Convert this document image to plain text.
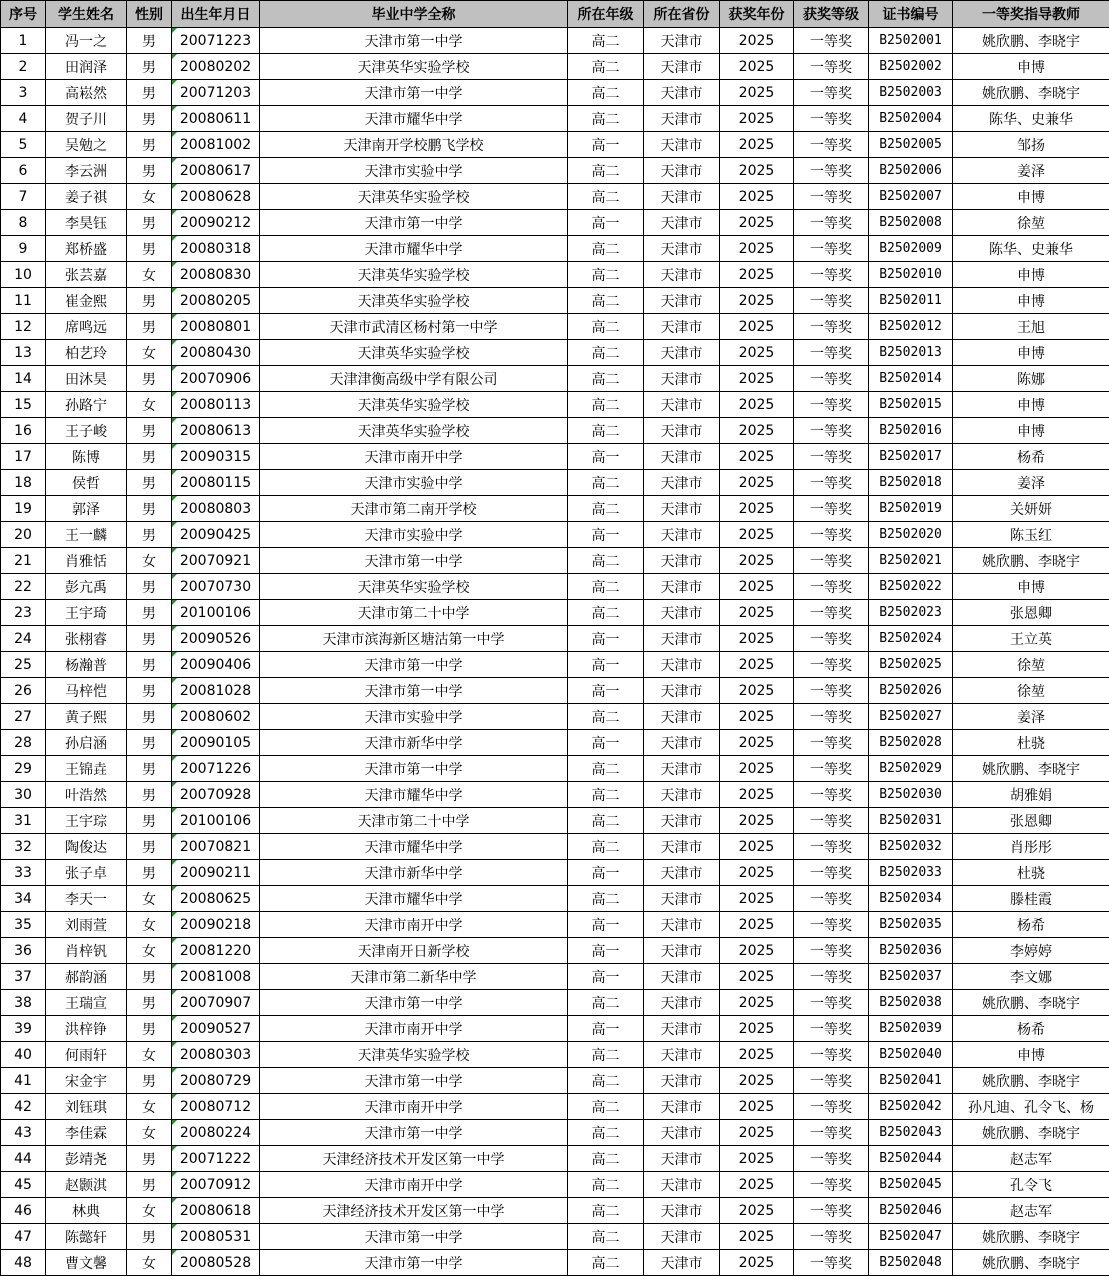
序号	学生姓名	性别	出生年月日	毕业中学全称	所在年级	所在省份	获奖年份	获奖等级	证书编号	一等奖指导教师
1	冯一之	男	20071223	天津市第一中学	高二	天津市	2025	一等奖	B2502001	姚欣鹏、李晓宇
2	田润泽	男	20080202	天津英华实验学校	高二	天津市	2025	一等奖	B2502002	申博
3	高崧然	男	20071203	天津市第一中学	高二	天津市	2025	一等奖	B2502003	姚欣鹏、李晓宇
4	贺子川	男	20080611	天津市耀华中学	高二	天津市	2025	一等奖	B2502004	陈华、史兼华
5	吴勉之	男	20081002	天津南开学校鹏飞学校	高一	天津市	2025	一等奖	B2502005	邹扬
6	李云洲	男	20080617	天津市实验中学	高二	天津市	2025	一等奖	B2502006	姜泽
7	姜子祺	女	20080628	天津英华实验学校	高二	天津市	2025	一等奖	B2502007	申博
8	李昊钰	男	20090212	天津市第一中学	高一	天津市	2025	一等奖	B2502008	徐堃
9	郑桥盛	男	20080318	天津市耀华中学	高二	天津市	2025	一等奖	B2502009	陈华、史兼华
10	张芸嘉	女	20080830	天津英华实验学校	高二	天津市	2025	一等奖	B2502010	申博
11	崔金熙	男	20080205	天津英华实验学校	高二	天津市	2025	一等奖	B2502011	申博
12	席鸣远	男	20080801	天津市武清区杨村第一中学	高二	天津市	2025	一等奖	B2502012	王旭
13	柏艺玲	女	20080430	天津英华实验学校	高二	天津市	2025	一等奖	B2502013	申博
14	田沐昊	男	20070906	天津津衡高级中学有限公司	高二	天津市	2025	一等奖	B2502014	陈娜
15	孙路宁	女	20080113	天津英华实验学校	高二	天津市	2025	一等奖	B2502015	申博
16	王子峻	男	20080613	天津英华实验学校	高二	天津市	2025	一等奖	B2502016	申博
17	陈博	男	20090315	天津市南开中学	高一	天津市	2025	一等奖	B2502017	杨希
18	侯哲	男	20080115	天津市实验中学	高二	天津市	2025	一等奖	B2502018	姜泽
19	郭泽	男	20080803	天津市第二南开学校	高二	天津市	2025	一等奖	B2502019	关妍妍
20	王一麟	男	20090425	天津市实验中学	高一	天津市	2025	一等奖	B2502020	陈玉红
21	肖雅恬	女	20070921	天津市第一中学	高二	天津市	2025	一等奖	B2502021	姚欣鹏、李晓宇
22	彭亢禹	男	20070730	天津英华实验学校	高二	天津市	2025	一等奖	B2502022	申博
23	王宇琦	男	20100106	天津市第二十中学	高二	天津市	2025	一等奖	B2502023	张恩卿
24	张栩睿	男	20090526	天津市滨海新区塘沽第一中学	高一	天津市	2025	一等奖	B2502024	王立英
25	杨瀚普	男	20090406	天津市第一中学	高一	天津市	2025	一等奖	B2502025	徐堃
26	马梓恺	男	20081028	天津市第一中学	高一	天津市	2025	一等奖	B2502026	徐堃
27	黄子熙	男	20080602	天津市实验中学	高二	天津市	2025	一等奖	B2502027	姜泽
28	孙启涵	男	20090105	天津市新华中学	高一	天津市	2025	一等奖	B2502028	杜骁
29	王锦垚	男	20071226	天津市第一中学	高二	天津市	2025	一等奖	B2502029	姚欣鹏、李晓宇
30	叶浩然	男	20070928	天津市耀华中学	高二	天津市	2025	一等奖	B2502030	胡雅娟
31	王宇琮	男	20100106	天津市第二十中学	高二	天津市	2025	一等奖	B2502031	张恩卿
32	陶俊达	男	20070821	天津市耀华中学	高二	天津市	2025	一等奖	B2502032	肖彤彤
33	张子卓	男	20090211	天津市新华中学	高一	天津市	2025	一等奖	B2502033	杜骁
34	李天一	女	20080625	天津市耀华中学	高二	天津市	2025	一等奖	B2502034	滕桂霞
35	刘雨萱	女	20090218	天津市南开中学	高一	天津市	2025	一等奖	B2502035	杨希
36	肖梓钒	女	20081220	天津南开日新学校	高一	天津市	2025	一等奖	B2502036	李婷婷
37	郝韵涵	男	20081008	天津市第二新华中学	高一	天津市	2025	一等奖	B2502037	李文娜
38	王瑞宣	男	20070907	天津市第一中学	高二	天津市	2025	一等奖	B2502038	姚欣鹏、李晓宇
39	洪梓铮	男	20090527	天津市南开中学	高一	天津市	2025	一等奖	B2502039	杨希
40	何雨轩	女	20080303	天津英华实验学校	高二	天津市	2025	一等奖	B2502040	申博
41	宋金宇	男	20080729	天津市第一中学	高二	天津市	2025	一等奖	B2502041	姚欣鹏、李晓宇
42	刘钰琪	女	20080712	天津市南开中学	高二	天津市	2025	一等奖	B2502042	孙凡迪、孔令飞、杨
43	李佳霖	女	20080224	天津市第一中学	高二	天津市	2025	一等奖	B2502043	姚欣鹏、李晓宇
44	彭靖尧	男	20071222	天津经济技术开发区第一中学	高二	天津市	2025	一等奖	B2502044	赵志军
45	赵颢淇	男	20070912	天津市南开中学	高二	天津市	2025	一等奖	B2502045	孔令飞
46	林典	女	20080618	天津经济技术开发区第一中学	高二	天津市	2025	一等奖	B2502046	赵志军
47	陈懿轩	男	20080531	天津市第一中学	高二	天津市	2025	一等奖	B2502047	姚欣鹏、李晓宇
48	曹文馨	女	20080528	天津市第一中学	高二	天津市	2025	一等奖	B2502048	姚欣鹏、李晓宇
